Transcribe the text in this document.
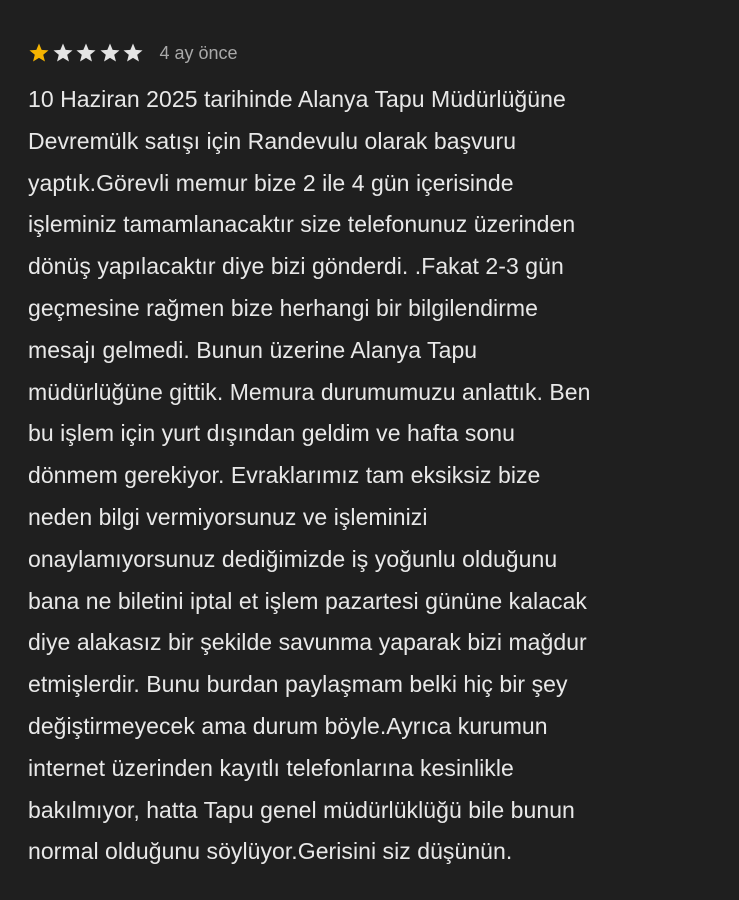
4 ay önce
10 Haziran 2025 tarihinde Alanya Tapu Müdürlüğüne
Devremülk satışı için Randevulu olarak başvuru
yaptık.Görevli memur bize 2 ile 4 gün içerisinde
işleminiz tamamlanacaktır size telefonunuz üzerinden
dönüş yapılacaktır diye bizi gönderdi. .Fakat 2-3 gün
geçmesine rağmen bize herhangi bir bilgilendirme
mesajı gelmedi. Bunun üzerine Alanya Tapu
müdürlüğüne gittik. Memura durumumuzu anlattık. Ben
bu işlem için yurt dışından geldim ve hafta sonu
dönmem gerekiyor. Evraklarımız tam eksiksiz bize
neden bilgi vermiyorsunuz ve işleminizi
onaylamıyorsunuz dediğimizde iş yoğunlu olduğunu
bana ne biletini iptal et işlem pazartesi gününe kalacak
diye alakasız bir şekilde savunma yaparak bizi mağdur
etmişlerdir. Bunu burdan paylaşmam belki hiç bir şey
değiştirmeyecek ama durum böyle.Ayrıca kurumun
internet üzerinden kayıtlı telefonlarına kesinlikle
bakılmıyor, hatta Tapu genel müdürlüklüğü bile bunun
normal olduğunu söylüyor.Gerisini siz düşünün.
